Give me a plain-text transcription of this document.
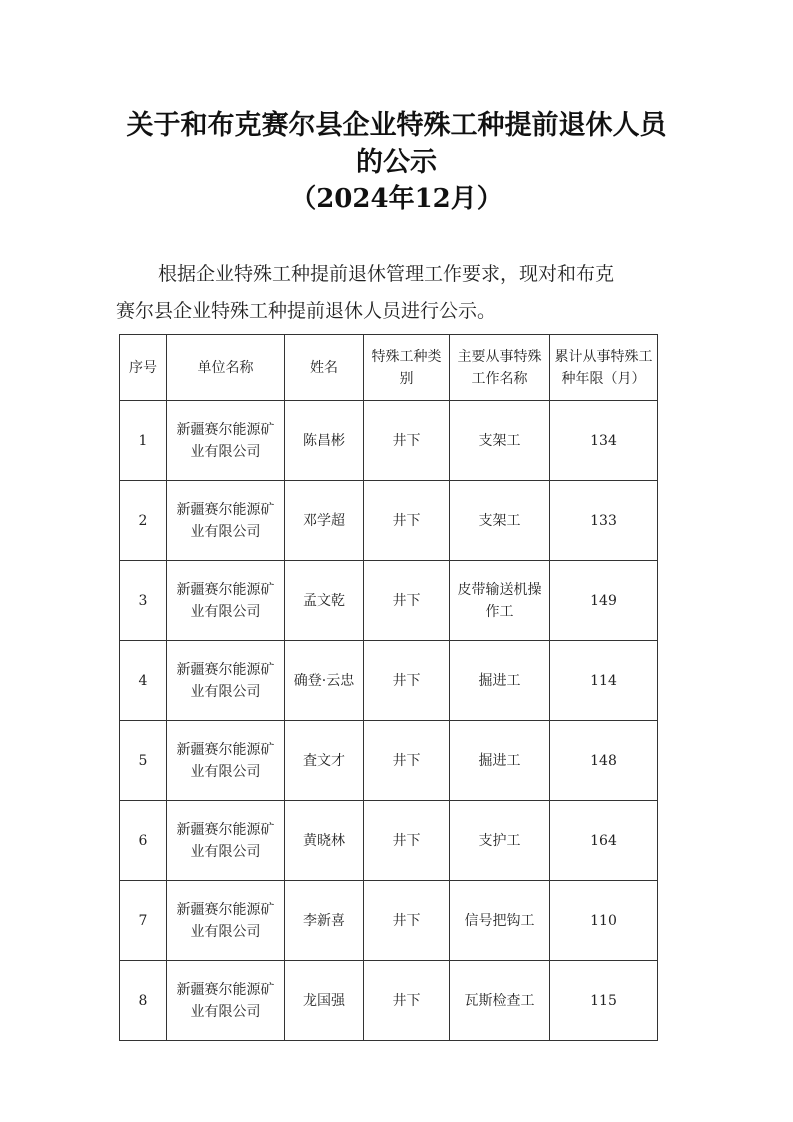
关于和布克赛尔县企业特殊工种提前退休人员
的公示
（2024年12月）

根据企业特殊工种提前退休管理工作要求，现对和布克

赛尔县企业特殊工种提前退休人员进行公示。

序号	单位名称	姓名	特殊工种类别	主要从事特殊工作名称	累计从事特殊工种年限（月）
1	新疆赛尔能源矿业有限公司	陈昌彬	井下	支架工	134
2	新疆赛尔能源矿业有限公司	邓学超	井下	支架工	133
3	新疆赛尔能源矿业有限公司	孟文乾	井下	皮带输送机操作工	149
4	新疆赛尔能源矿业有限公司	确登·云忠	井下	掘进工	114
5	新疆赛尔能源矿业有限公司	査文才	井下	掘进工	148
6	新疆赛尔能源矿业有限公司	黄晓林	井下	支护工	164
7	新疆赛尔能源矿业有限公司	李新喜	井下	信号把钩工	110
8	新疆赛尔能源矿业有限公司	龙国强	井下	瓦斯检查工	115
